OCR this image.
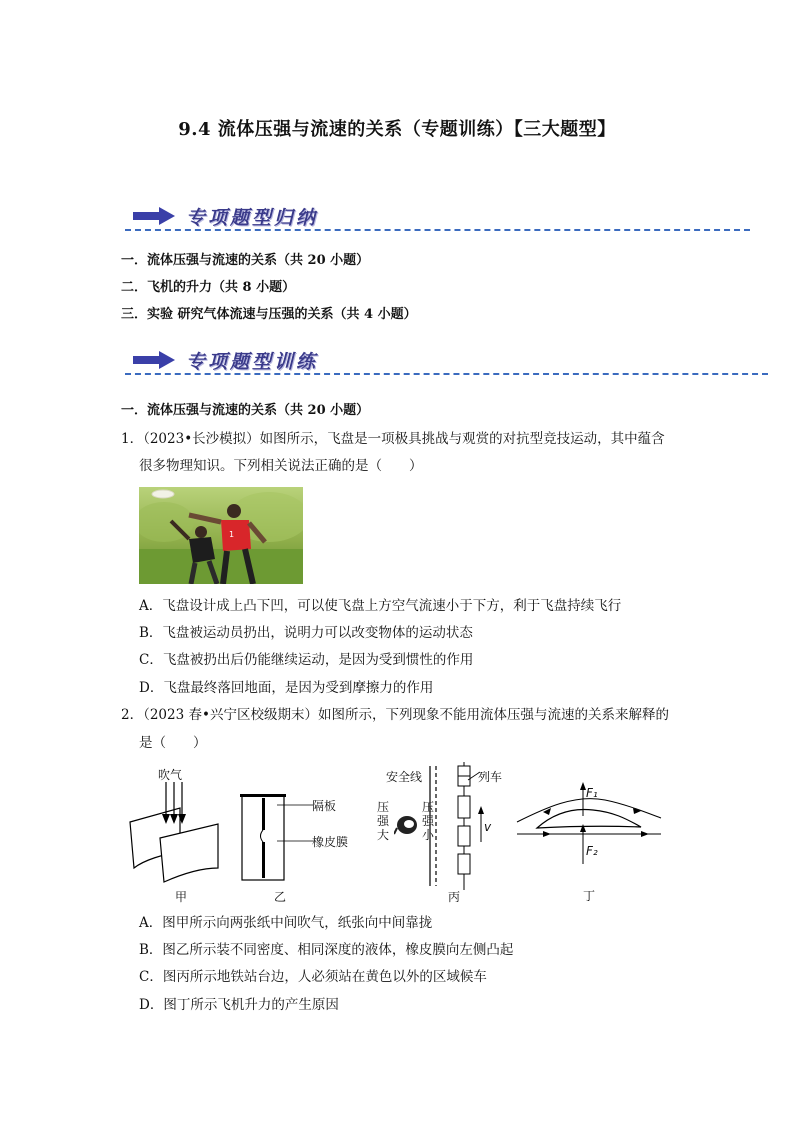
9.4 流体压强与流速的关系（专题训练）【三大题型】
专项题型归纳
一．流体压强与流速的关系（共 20 小题）
二．飞机的升力（共 8 小题）
三．实验 研究气体流速与压强的关系（共 4 小题）
专项题型训练
一．流体压强与流速的关系（共 20 小题）
1．（2023•长沙模拟）如图所示，飞盘是一项极具挑战与观赏的对抗型竞技运动，其中蕴含
很多物理知识。下列相关说法正确的是（　　）
1
A．飞盘设计成上凸下凹，可以使飞盘上方空气流速小于下方，利于飞盘持续飞行
B．飞盘被运动员扔出，说明力可以改变物体的运动状态
C．飞盘被扔出后仍能继续运动，是因为受到惯性的作用
D．飞盘最终落回地面，是因为受到摩擦力的作用
2．（2023 春•兴宁区校级期末）如图所示，下列现象不能用流体压强与流速的关系来解释的
是（　　）
吹气
甲
隔板
橡皮膜
乙
安全线	列车
压
强
大
压
强
小
v
丙
F₁
F₂
丁
A．图甲所示向两张纸中间吹气，纸张向中间靠拢
B．图乙所示装不同密度、相同深度的液体，橡皮膜向左侧凸起
C．图丙所示地铁站台边，人必须站在黄色以外的区域候车
D．图丁所示飞机升力的产生原因
